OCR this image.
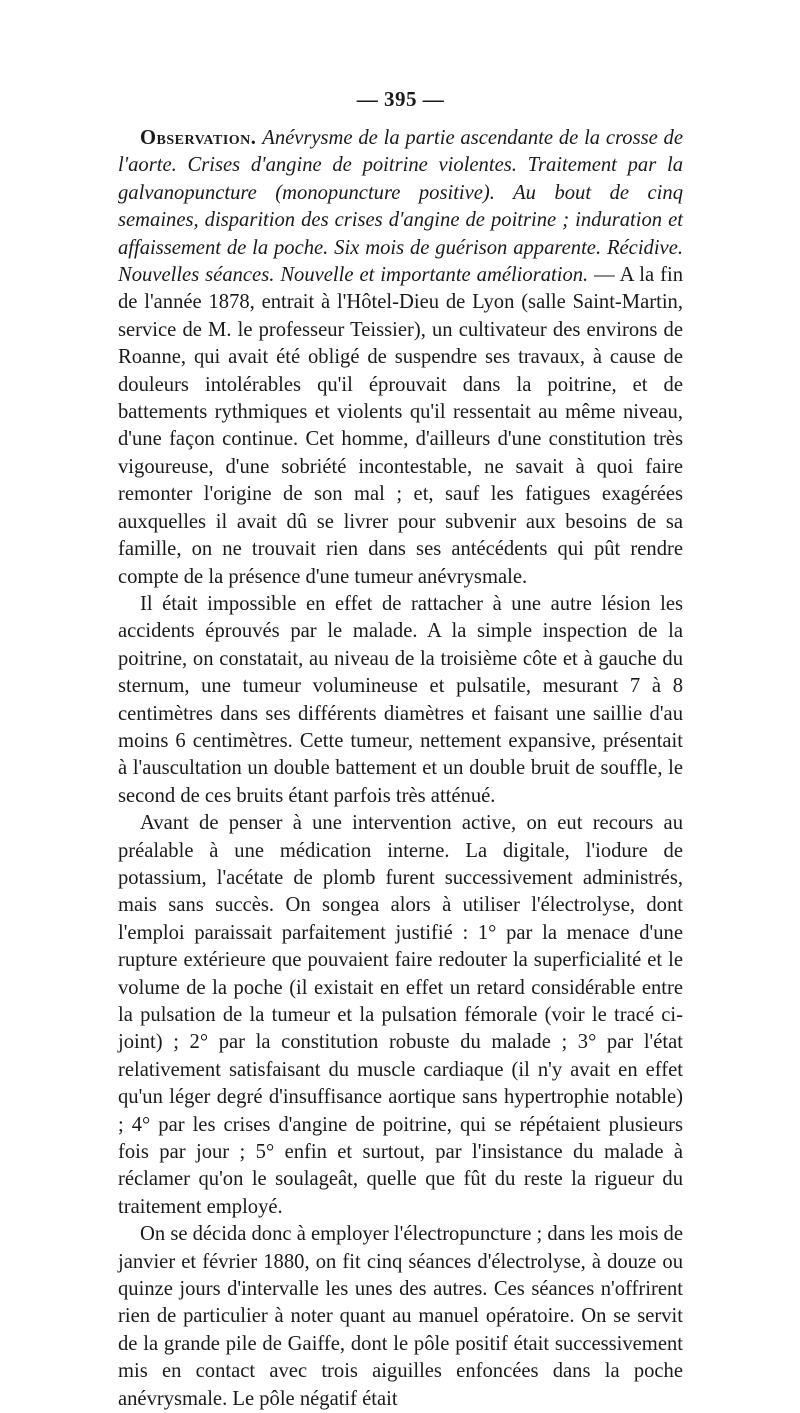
— 395 —

Observation. Anévrysme de la partie ascendante de la crosse de l'aorte. Crises d'angine de poitrine violentes. Traitement par la galvanopuncture (monopuncture positive). Au bout de cinq semaines, disparition des crises d'angine de poitrine ; induration et affaissement de la poche. Six mois de guérison apparente. Récidive. Nouvelles séances. Nouvelle et importante amélioration. — A la fin de l'année 1878, entrait à l'Hôtel-Dieu de Lyon (salle Saint-Martin, service de M. le professeur Teissier), un cultivateur des environs de Roanne, qui avait été obligé de suspendre ses travaux, à cause de douleurs intolérables qu'il éprouvait dans la poitrine, et de battements rythmiques et violents qu'il ressentait au même niveau, d'une façon continue. Cet homme, d'ailleurs d'une constitution très vigoureuse, d'une sobriété incontestable, ne savait à quoi faire remonter l'origine de son mal ; et, sauf les fatigues exagérées auxquelles il avait dû se livrer pour subvenir aux besoins de sa famille, on ne trouvait rien dans ses antécédents qui pût rendre compte de la présence d'une tumeur anévrysmale.

Il était impossible en effet de rattacher à une autre lésion les accidents éprouvés par le malade. A la simple inspection de la poitrine, on constatait, au niveau de la troisième côte et à gauche du sternum, une tumeur volumineuse et pulsatile, mesurant 7 à 8 centimètres dans ses différents diamètres et faisant une saillie d'au moins 6 centimètres. Cette tumeur, nettement expansive, présentait à l'auscultation un double battement et un double bruit de souffle, le second de ces bruits étant parfois très atténué.

Avant de penser à une intervention active, on eut recours au préalable à une médication interne. La digitale, l'iodure de potassium, l'acétate de plomb furent successivement administrés, mais sans succès. On songea alors à utiliser l'électrolyse, dont l'emploi paraissait parfaitement justifié : 1° par la menace d'une rupture extérieure que pouvaient faire redouter la superficialité et le volume de la poche (il existait en effet un retard considérable entre la pulsation de la tumeur et la pulsation fémorale (voir le tracé ci-joint) ; 2° par la constitution robuste du malade ; 3° par l'état relativement satisfaisant du muscle cardiaque (il n'y avait en effet qu'un léger degré d'insuffisance aortique sans hypertrophie notable) ; 4° par les crises d'angine de poitrine, qui se répétaient plusieurs fois par jour ; 5° enfin et surtout, par l'insistance du malade à réclamer qu'on le soulageât, quelle que fût du reste la rigueur du traitement employé.

On se décida donc à employer l'électropuncture ; dans les mois de janvier et février 1880, on fit cinq séances d'électrolyse, à douze ou quinze jours d'intervalle les unes des autres. Ces séances n'offrirent rien de particulier à noter quant au manuel opératoire. On se servit de la grande pile de Gaiffe, dont le pôle positif était successivement mis en contact avec trois aiguilles enfoncées dans la poche anévrysmale. Le pôle négatif était
